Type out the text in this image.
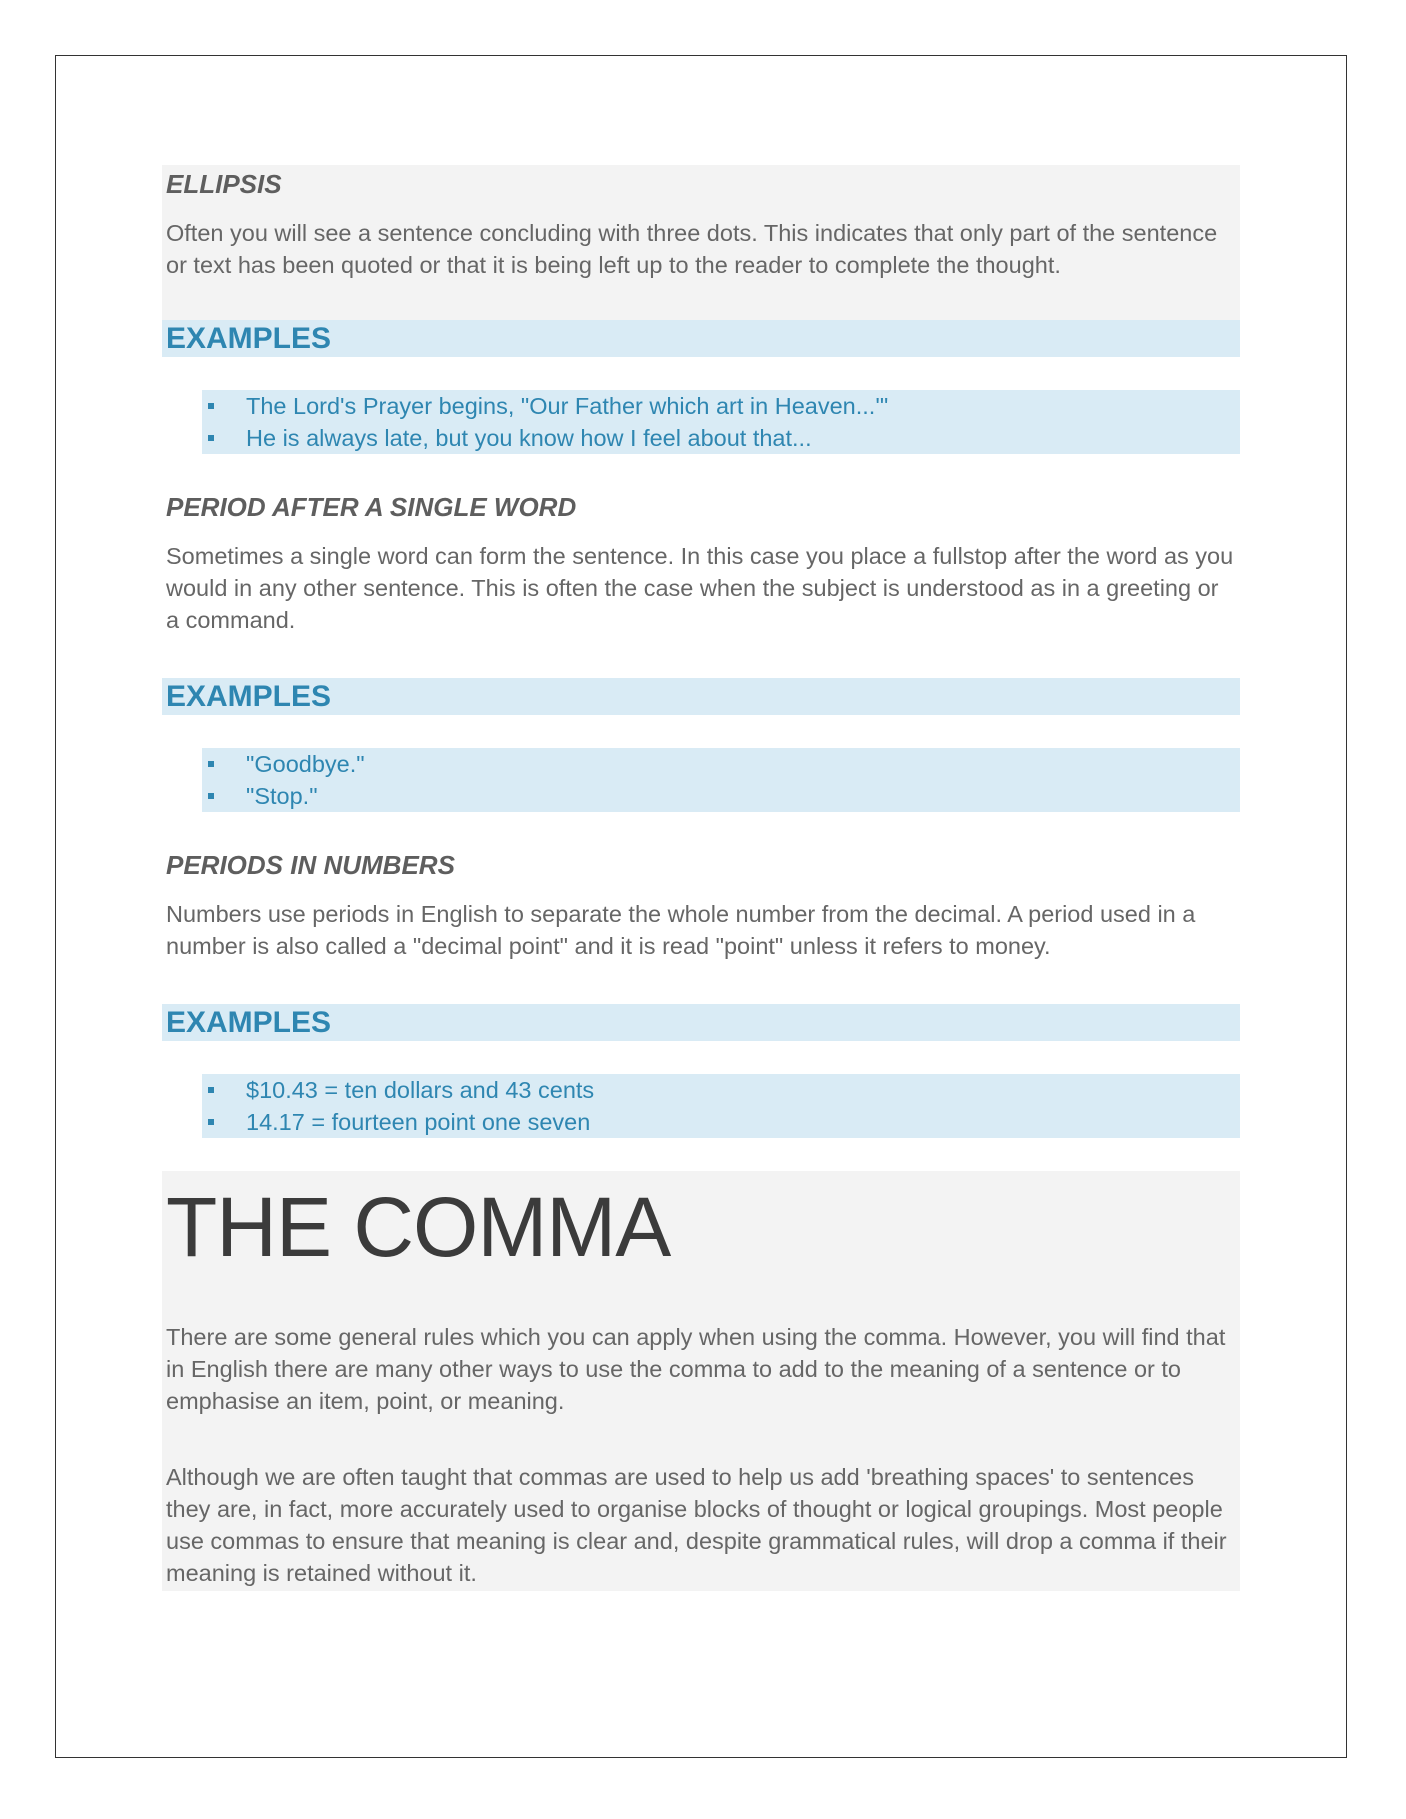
ELLIPSIS

Often you will see a sentence concluding with three dots. This indicates that only part of the sentence or text has been quoted or that it is being left up to the reader to complete the thought.

EXAMPLES
The Lord's Prayer begins, "Our Father which art in Heaven...'"
He is always late, but you know how I feel about that...
PERIOD AFTER A SINGLE WORD

Sometimes a single word can form the sentence. In this case you place a fullstop after the word as you would in any other sentence. This is often the case when the subject is understood as in a greeting or a command.

EXAMPLES
"Goodbye."
"Stop."
PERIODS IN NUMBERS

Numbers use periods in English to separate the whole number from the decimal. A period used in a number is also called a "decimal point" and it is read "point" unless it refers to money.

EXAMPLES
$10.43 = ten dollars and 43 cents
14.17 = fourteen point one seven
THE COMMA

There are some general rules which you can apply when using the comma. However, you will find that in English there are many other ways to use the comma to add to the meaning of a sentence or to emphasise an item, point, or meaning.

Although we are often taught that commas are used to help us add 'breathing spaces' to sentences they are, in fact, more accurately used to organise blocks of thought or logical groupings. Most people use commas to ensure that meaning is clear and, despite grammatical rules, will drop a comma if their meaning is retained without it.
